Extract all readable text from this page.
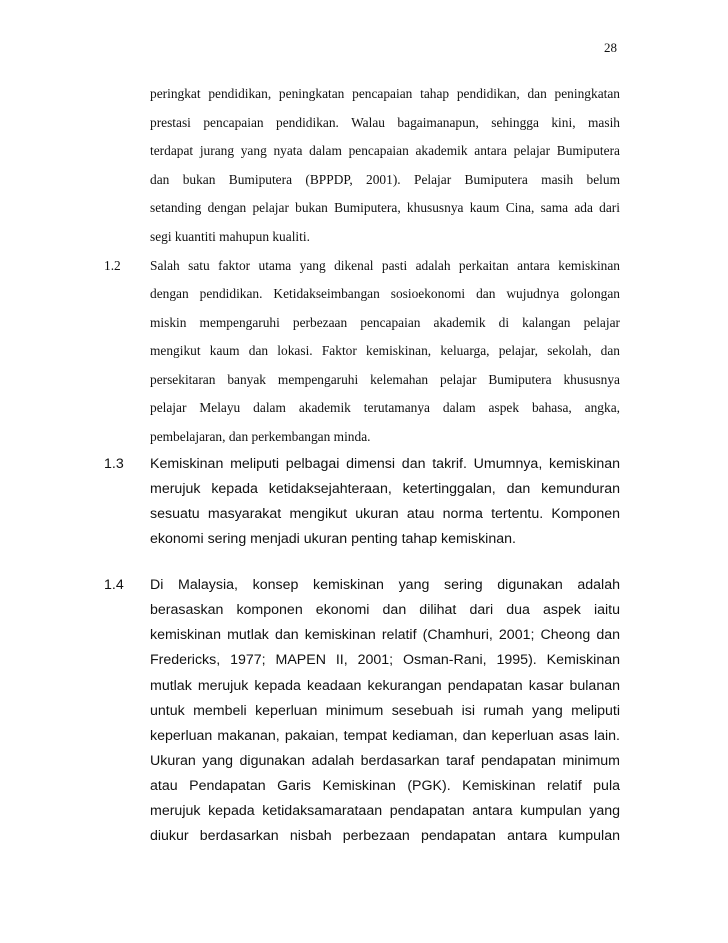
28
peringkat pendidikan, peningkatan pencapaian tahap pendidikan, dan peningkatan
prestasi pencapaian pendidikan. Walau bagaimanapun, sehingga kini, masih
terdapat jurang yang nyata dalam pencapaian akademik antara pelajar Bumiputera
dan bukan Bumiputera (BPPDP, 2001). Pelajar Bumiputera masih belum
setanding dengan pelajar bukan Bumiputera, khususnya kaum Cina, sama ada dari
segi kuantiti mahupun kualiti.
1.2 Salah satu faktor utama yang dikenal pasti adalah perkaitan antara kemiskinan
dengan pendidikan. Ketidakseimbangan sosioekonomi dan wujudnya golongan
miskin mempengaruhi perbezaan pencapaian akademik di kalangan pelajar
mengikut kaum dan lokasi. Faktor kemiskinan, keluarga, pelajar, sekolah, dan
persekitaran banyak mempengaruhi kelemahan pelajar Bumiputera khususnya
pelajar Melayu dalam akademik terutamanya dalam aspek bahasa, angka,
pembelajaran, dan perkembangan minda.
1.3 Kemiskinan meliputi pelbagai dimensi dan takrif. Umumnya, kemiskinan
merujuk kepada ketidaksejahteraan, ketertinggalan, dan kemunduran
sesuatu masyarakat mengikut ukuran atau norma tertentu. Komponen
ekonomi sering menjadi ukuran penting tahap kemiskinan.
1.4 Di Malaysia, konsep kemiskinan yang sering digunakan adalah
berasaskan komponen ekonomi dan dilihat dari dua aspek iaitu
kemiskinan mutlak dan kemiskinan relatif (Chamhuri, 2001; Cheong dan
Fredericks, 1977; MAPEN II, 2001; Osman-Rani, 1995). Kemiskinan
mutlak merujuk kepada keadaan kekurangan pendapatan kasar bulanan
untuk membeli keperluan minimum sesebuah isi rumah yang meliputi
keperluan makanan, pakaian, tempat kediaman, dan keperluan asas lain.
Ukuran yang digunakan adalah berdasarkan taraf pendapatan minimum
atau Pendapatan Garis Kemiskinan (PGK). Kemiskinan relatif pula
merujuk kepada ketidaksamarataan pendapatan antara kumpulan yang
diukur berdasarkan nisbah perbezaan pendapatan antara kumpulan
